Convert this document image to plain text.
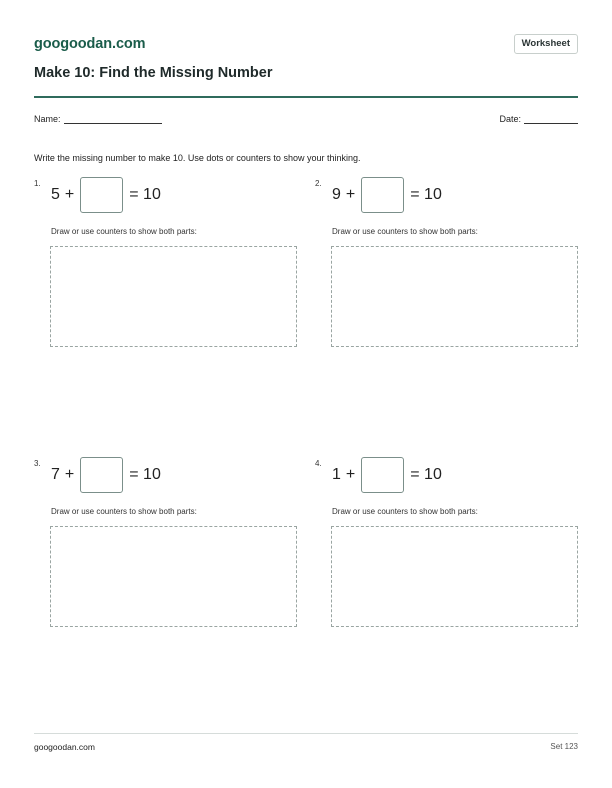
googoodan.com	Worksheet
Make 10: Find the Missing Number
Name:	Date:
Write the missing number to make 10. Use dots or counters to show your thinking.
1.
5 +	= 10
Draw or use counters to show both parts:
2.
9 +	= 10
Draw or use counters to show both parts:
3.
7 +	= 10
Draw or use counters to show both parts:
4.
1 +	= 10
Draw or use counters to show both parts:
googoodan.com	Set 123
